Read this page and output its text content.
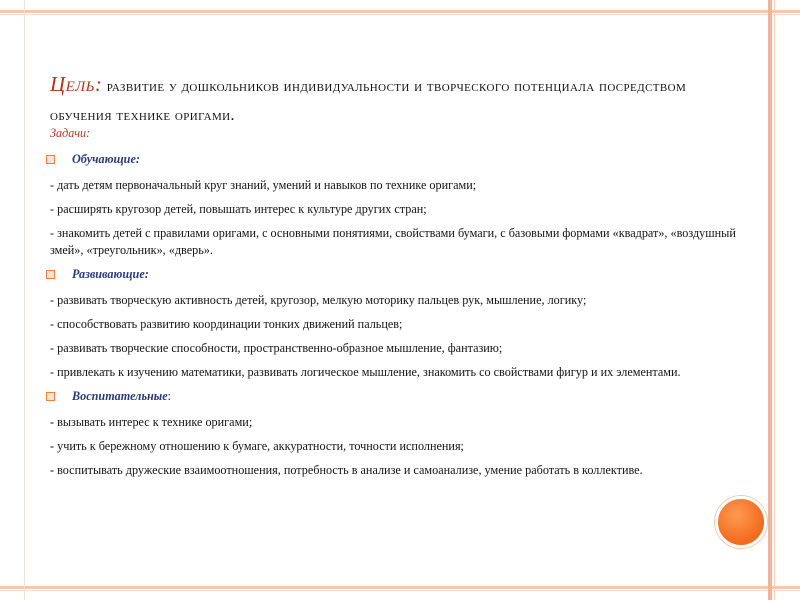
Цель: развитие у дошкольников индивидуальности и творческого потенциала посредством обучения технике оригами.
Задачи:
Обучающие:
- дать детям первоначальный круг знаний, умений и навыков по технике оригами;
- расширять кругозор детей, повышать интерес к культуре других стран;
- знакомить детей с правилами оригами, с основными понятиями, свойствами бумаги, с базовыми формами «квадрат», «воздушный змей», «треугольник», «дверь».
Развивающие:
- развивать творческую активность детей, кругозор, мелкую моторику пальцев рук, мышление, логику;
- способствовать развитию координации тонких движений пальцев;
- развивать творческие способности, пространственно-образное мышление, фантазию;
- привлекать к изучению математики, развивать логическое мышление, знакомить со свойствами фигур и их элементами.
Воспитательные:
- вызывать интерес к технике оригами;
- учить к бережному отношению к бумаге, аккуратности, точности исполнения;
- воспитывать дружеские взаимоотношения, потребность в анализе и самоанализе, умение работать в коллективе.
